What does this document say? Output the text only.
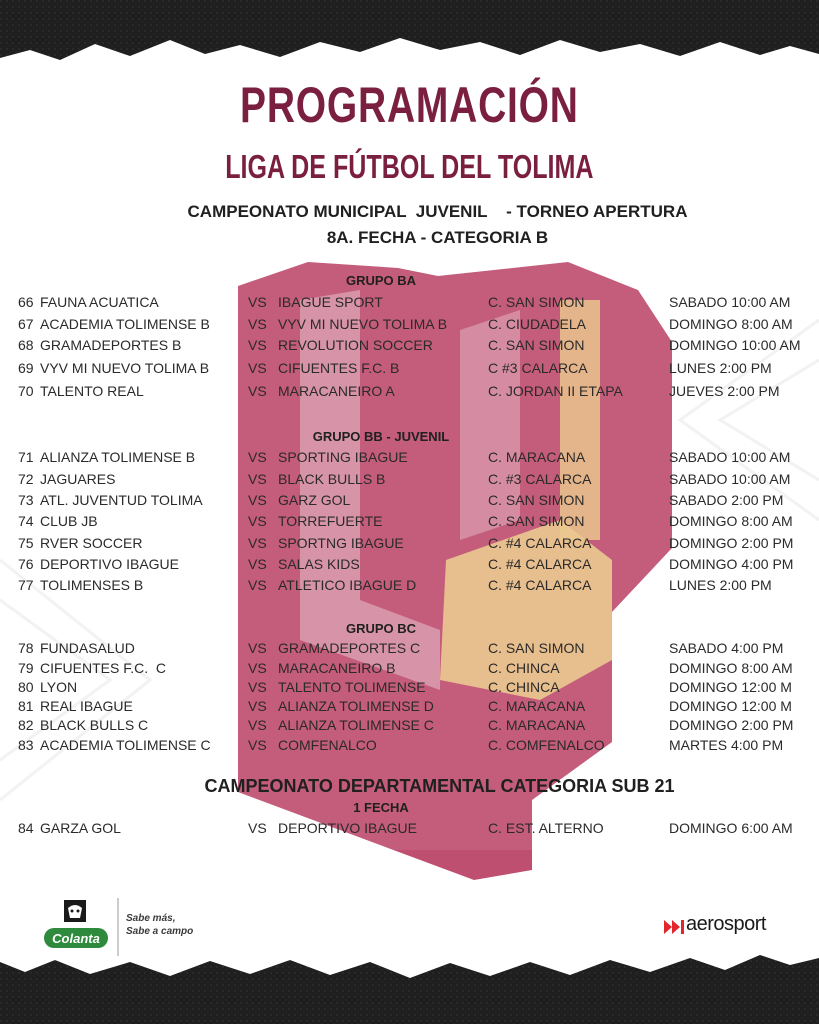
PROGRAMACIÓN
LIGA DE FÚTBOL DEL TOLIMA
CAMPEONATO MUNICIPAL  JUVENIL    - TORNEO APERTURA
8A. FECHA - CATEGORIA B
GRUPO BA
66 FAUNA ACUATICA	VS IBAGUE SPORT	C. SAN SIMON	SABADO 10:00 AM
67 ACADEMIA TOLIMENSE B	VS VYV MI NUEVO TOLIMA B	C. CIUDADELA	DOMINGO 8:00 AM
68 GRAMADEPORTES B	VS REVOLUTION SOCCER	C. SAN SIMON	DOMINGO 10:00 AM
69 VYV MI NUEVO TOLIMA B	VS CIFUENTES F.C. B	C #3 CALARCA	LUNES 2:00 PM
70 TALENTO REAL	VS MARACANEIRO A	C. JORDAN II ETAPA	JUEVES 2:00 PM
GRUPO BB - JUVENIL
71 ALIANZA TOLIMENSE B	VS SPORTING IBAGUE	C. MARACANA	SABADO 10:00 AM
72 JAGUARES	VS BLACK BULLS B	C. #3 CALARCA	SABADO 10:00 AM
73 ATL. JUVENTUD TOLIMA	VS GARZ GOL	C. SAN SIMON	SABADO 2:00 PM
74 CLUB JB	VS TORREFUERTE	C. SAN SIMON	DOMINGO 8:00 AM
75 RVER SOCCER	VS SPORTNG IBAGUE	C. #4 CALARCA	DOMINGO 2:00 PM
76 DEPORTIVO IBAGUE	VS SALAS KIDS	C. #4 CALARCA	DOMINGO 4:00 PM
77 TOLIMENSES B	VS ATLETICO IBAGUE D	C. #4 CALARCA	LUNES 2:00 PM
GRUPO BC
78 FUNDASALUD	VS GRAMADEPORTES C	C. SAN SIMON	SABADO 4:00 PM
79 CIFUENTES F.C.  C	VS MARACANEIRO B	C. CHINCA	DOMINGO 8:00 AM
80 LYON	VS TALENTO TOLIMENSE	C. CHINCA	DOMINGO 12:00 M
81 REAL IBAGUE	VS ALIANZA TOLIMENSE D	C. MARACANA	DOMINGO 12:00 M
82 BLACK BULLS C	VS ALIANZA TOLIMENSE C	C. MARACANA	DOMINGO 2:00 PM
83 ACADEMIA TOLIMENSE C	VS COMFENALCO	C. COMFENALCO	MARTES 4:00 PM
CAMPEONATO DEPARTAMENTAL CATEGORIA SUB 21
1 FECHA
84 GARZA GOL	VS DEPORTIVO IBAGUE	C. EST. ALTERNO	DOMINGO 6:00 AM
Colanta
Sabe más,
Sabe a campo	aerosport
